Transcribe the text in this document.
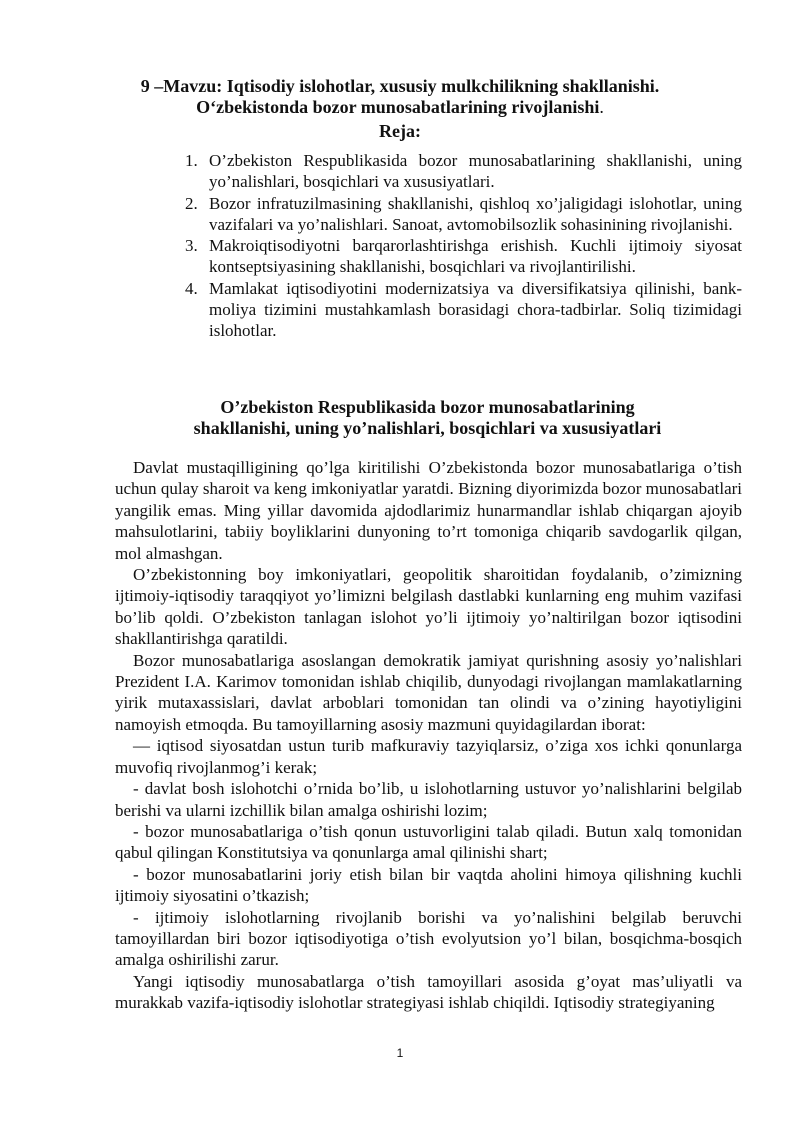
9 –Mavzu: Iqtisodiy islohotlar, xususiy mulkchilikning shakllanishi.
O‘zbekistonda bozor munosabatlarining rivojlanishi.
Reja:
1. O’zbekiston Respublikasida bozor munosabatlarining shakllanishi, uning yo’nalishlari, bosqichlari va xususiyatlari.
2. Bozor infratuzilmasining shakllanishi, qishloq xo’jaligidagi islohotlar, uning vazifalari va yo’nalishlari. Sanoat, avtomobilsozlik sohasinining rivojlanishi.
3. Makroiqtisodiyotni barqarorlashtirishga erishish. Kuchli ijtimoiy siyosat kontseptsiyasining shakllanishi, bosqichlari va rivojlantirilishi.
4. Mamlakat iqtisodiyotini modernizatsiya va diversifikatsiya qilinishi, bank-moliya tizimini mustahkamlash borasidagi chora-tadbirlar. Soliq tizimidagi islohotlar.
O’zbekiston Respublikasida bozor munosabatlarining
shakllanishi, uning yo’nalishlari, bosqichlari va xususiyatlari

Davlat mustaqilligining qo’lga kiritilishi O’zbekistonda bozor munosabatlariga o’tish uchun qulay sharoit va keng imkoniyatlar yaratdi. Bizning diyorimizda bozor munosabatlari yangilik emas. Ming yillar davomida ajdodlarimiz hunarmandlar ishlab chiqargan ajoyib mahsulotlarini, tabiiy boyliklarini dunyoning to’rt tomoniga chiqarib savdogarlik qilgan, mol almashgan.

O’zbekistonning boy imkoniyatlari, geopolitik sharoitidan foydalanib, o’zimizning ijtimoiy-iqtisodiy taraqqiyot yo’limizni belgilash dastlabki kunlarning eng muhim vazifasi bo’lib qoldi. O’zbekiston tanlagan islohot yo’li ijtimoiy yo’naltirilgan bozor iqtisodini shakllantirishga qaratildi.

Bozor munosabatlariga asoslangan demokratik jamiyat qurishning asosiy yo’nalishlari Prezident I.A. Karimov tomonidan ishlab chiqilib, dunyodagi rivojlangan mamlakatlarning yirik mutaxassislari, davlat arboblari tomonidan tan olindi va o’zining hayotiyligini namoyish etmoqda. Bu tamoyillarning asosiy mazmuni quyidagilardan iborat:

— iqtisod siyosatdan ustun turib mafkuraviy tazyiqlarsiz, o’ziga xos ichki qonunlarga muvofiq rivojlanmog’i kerak;

- davlat bosh islohotchi o’rnida bo’lib, u islohotlarning ustuvor yo’nalishlarini belgilab berishi va ularni izchillik bilan amalga oshirishi lozim;

- bozor munosabatlariga o’tish qonun ustuvorligini talab qiladi. Butun xalq tomonidan qabul qilingan Konstitutsiya va qonunlarga amal qilinishi shart;

- bozor munosabatlarini joriy etish bilan bir vaqtda aholini himoya qilishning kuchli ijtimoiy siyosatini o’tkazish;

- ijtimoiy islohotlarning rivojlanib borishi va yo’nalishini belgilab beruvchi tamoyillardan biri bozor iqtisodiyotiga o’tish evolyutsion yo’l bilan, bosqichma-bosqich amalga oshirilishi zarur.

Yangi iqtisodiy munosabatlarga o’tish tamoyillari asosida g’oyat mas’uliyatli va murakkab vazifa-iqtisodiy islohotlar strategiyasi ishlab chiqildi. Iqtisodiy strategiyaning

1
